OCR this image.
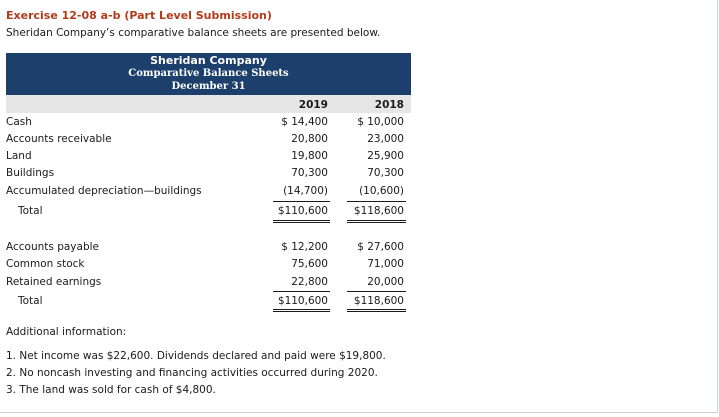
Exercise 12-08 a-b (Part Level Submission)
Sheridan Company’s comparative balance sheets are presented below.
Sheridan Company
Comparative Balance Sheets
December 31
2019	2018
Cash	$ 14,400	$ 10,000
Accounts receivable	20,800	23,000
Land	19,800	25,900
Buildings	70,300	70,300
Accumulated depreciation—buildings	(14,700)	(10,600)
Total	$110,600	$118,600
Accounts payable	$ 12,200	$ 27,600
Common stock	75,600	71,000
Retained earnings	22,800	20,000
Total	$110,600	$118,600
Additional information:
1. Net income was $22,600. Dividends declared and paid were $19,800.
2. No noncash investing and financing activities occurred during 2020.
3. The land was sold for cash of $4,800.
